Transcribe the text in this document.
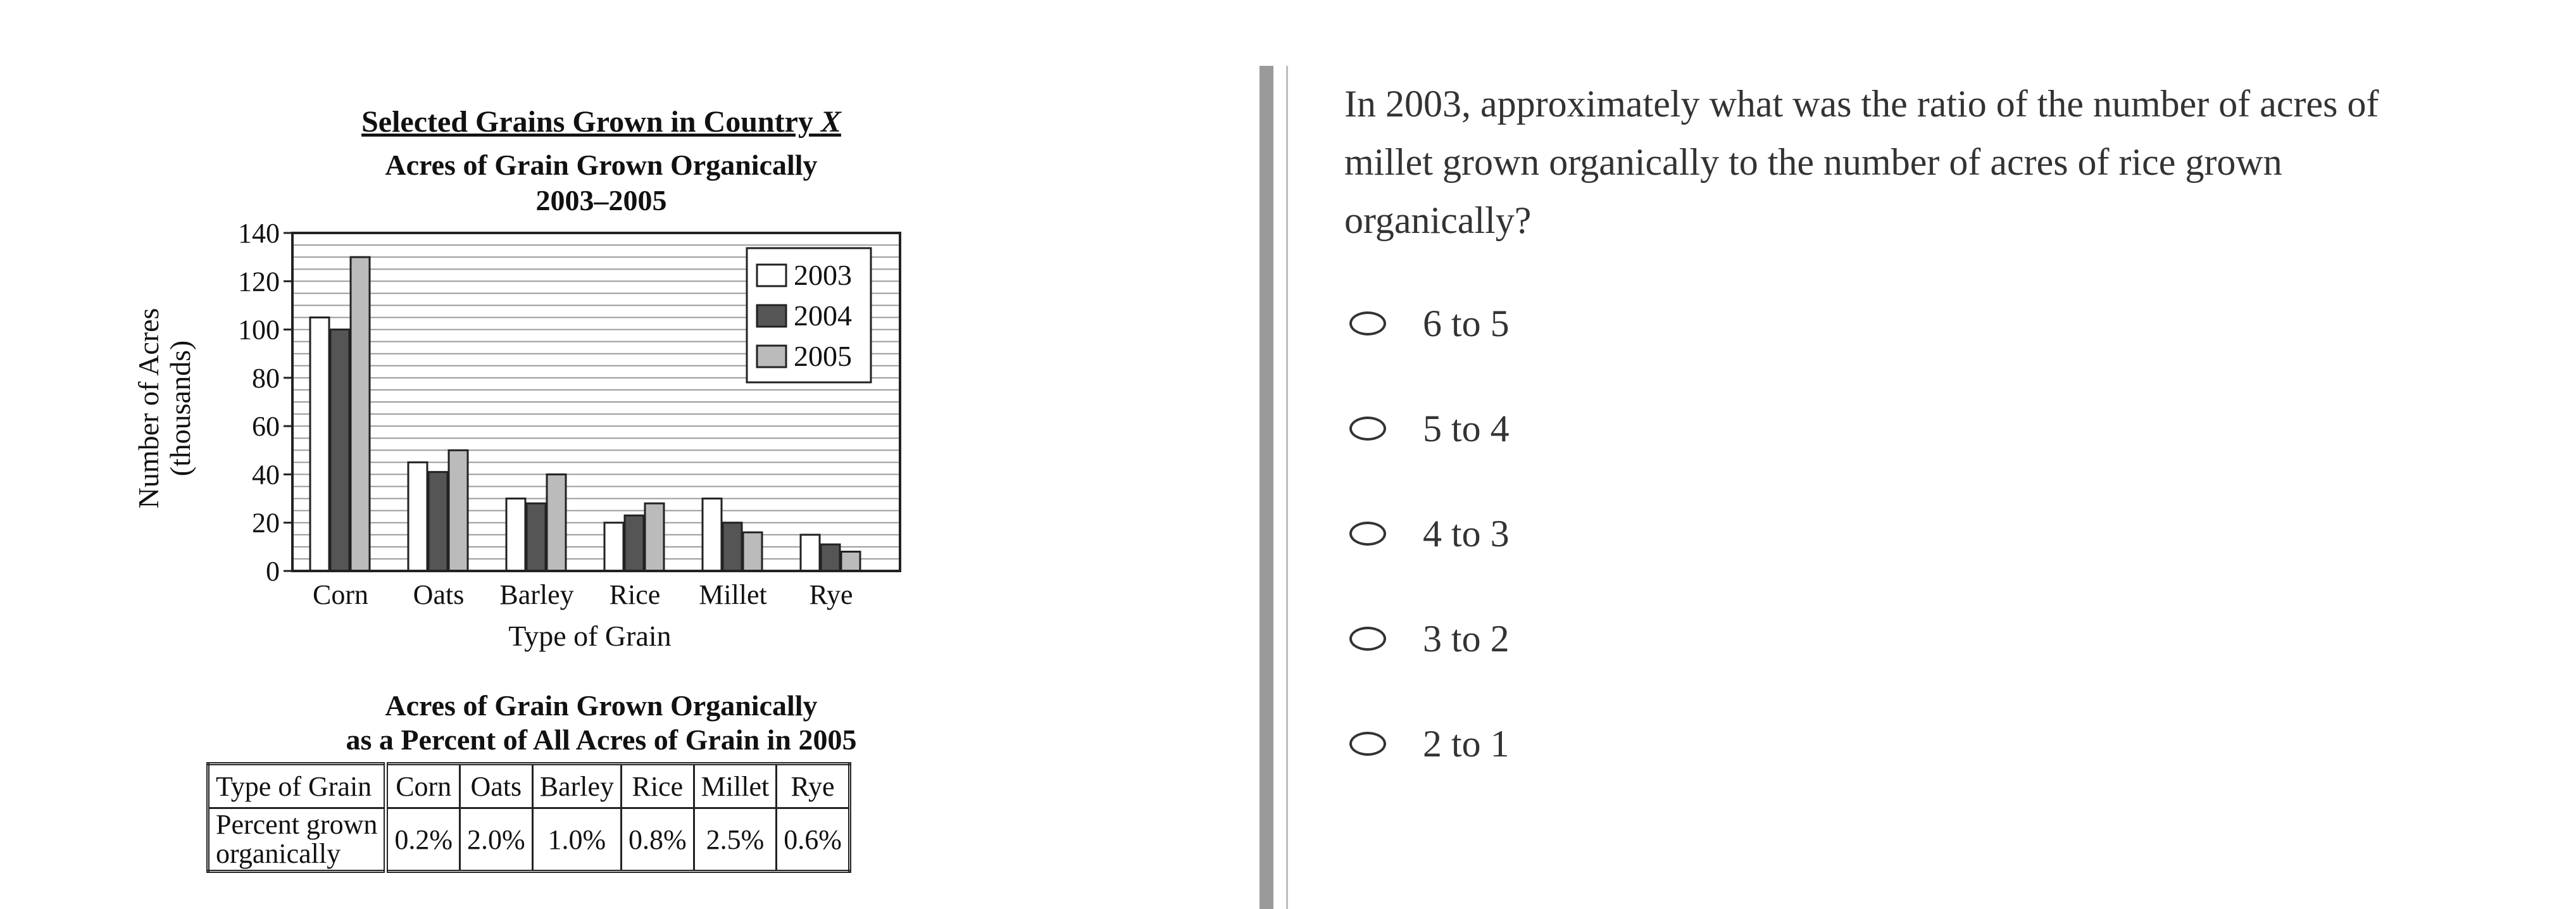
Selected Grains Grown in Country X
Acres of Grain Grown Organically
2003–2005
0
20
40
60
80
100
120
140
Corn Oats Barley Rice Millet Rye
Type of Grain
Number of Acres (thousands)
2003
2004
2005
Acres of Grain Grown Organically
as a Percent of All Acres of Grain in 2005
Type of Grain	Corn	Oats	Barley	Rice	Millet	Rye

Percent grown
organically	0.2%	2.0%	1.0%	0.8%	2.5%	0.6%
In 2003, approximately what was the ratio of the number of acres of millet grown organically to the number of acres of rice grown organically?
6 to 5
5 to 4
4 to 3
3 to 2
2 to 1
